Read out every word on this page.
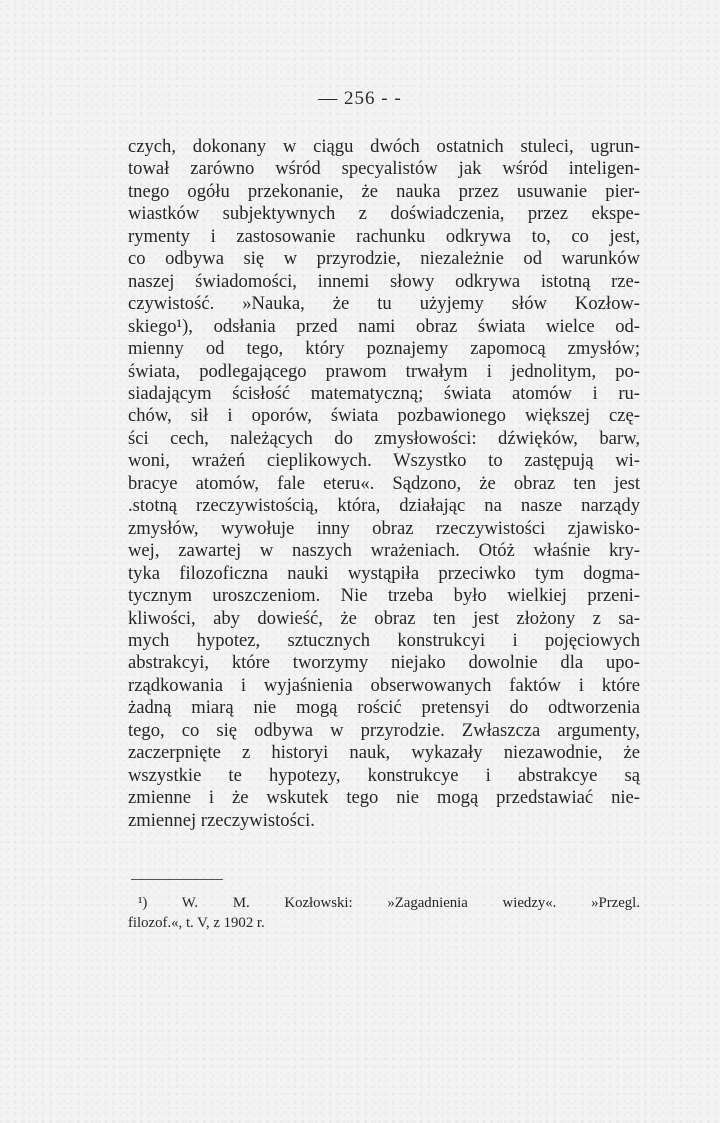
— 256 - -
czych, dokonany w ciągu dwóch ostatnich stuleci, ugrun-
tował zarówno wśród specyalistów jak wśród inteligen-
tnego ogółu przekonanie, że nauka przez usuwanie pier-
wiastków subjektywnych z doświadczenia, przez ekspe-
rymenty i zastosowanie rachunku odkrywa to, co jest,
co odbywa się w przyrodzie, niezależnie od warunków
naszej świadomości, innemi słowy odkrywa istotną rze-
czywistość. »Nauka, że tu użyjemy słów Kozłow-
skiego¹), odsłania przed nami obraz świata wielce od-
mienny od tego, który poznajemy zapomocą zmysłów;
świata, podlegającego prawom trwałym i jednolitym, po-
siadającym ścisłość matematyczną; świata atomów i ru-
chów, sił i oporów, świata pozbawionego większej czę-
ści cech, należących do zmysłowości: dźwięków, barw,
woni, wrażeń cieplikowych. Wszystko to zastępują wi-
bracye atomów, fale eteru«. Sądzono, że obraz ten jest
.stotną rzeczywistością, która, działając na nasze narządy
zmysłów, wywołuje inny obraz rzeczywistości zjawisko-
wej, zawartej w naszych wrażeniach. Otóż właśnie kry-
tyka filozoficzna nauki wystąpiła przeciwko tym dogma-
tycznym uroszczeniom. Nie trzeba było wielkiej przeni-
kliwości, aby dowieść, że obraz ten jest złożony z sa-
mych hypotez, sztucznych konstrukcyi i pojęciowych
abstrakcyi, które tworzymy niejako dowolnie dla upo-
rządkowania i wyjaśnienia obserwowanych faktów i które
żadną miarą nie mogą rościć pretensyi do odtworzenia
tego, co się odbywa w przyrodzie. Zwłaszcza argumenty,
zaczerpnięte z historyi nauk, wykazały niezawodnie, że
wszystkie te hypotezy, konstrukcye i abstrakcye są
zmienne i że wskutek tego nie mogą przedstawiać nie-
zmiennej rzeczywistości.
¹) W. M. Kozłowski: »Zagadnienia wiedzy«. »Przegl.
filozof.«, t. V, z 1902 r.
